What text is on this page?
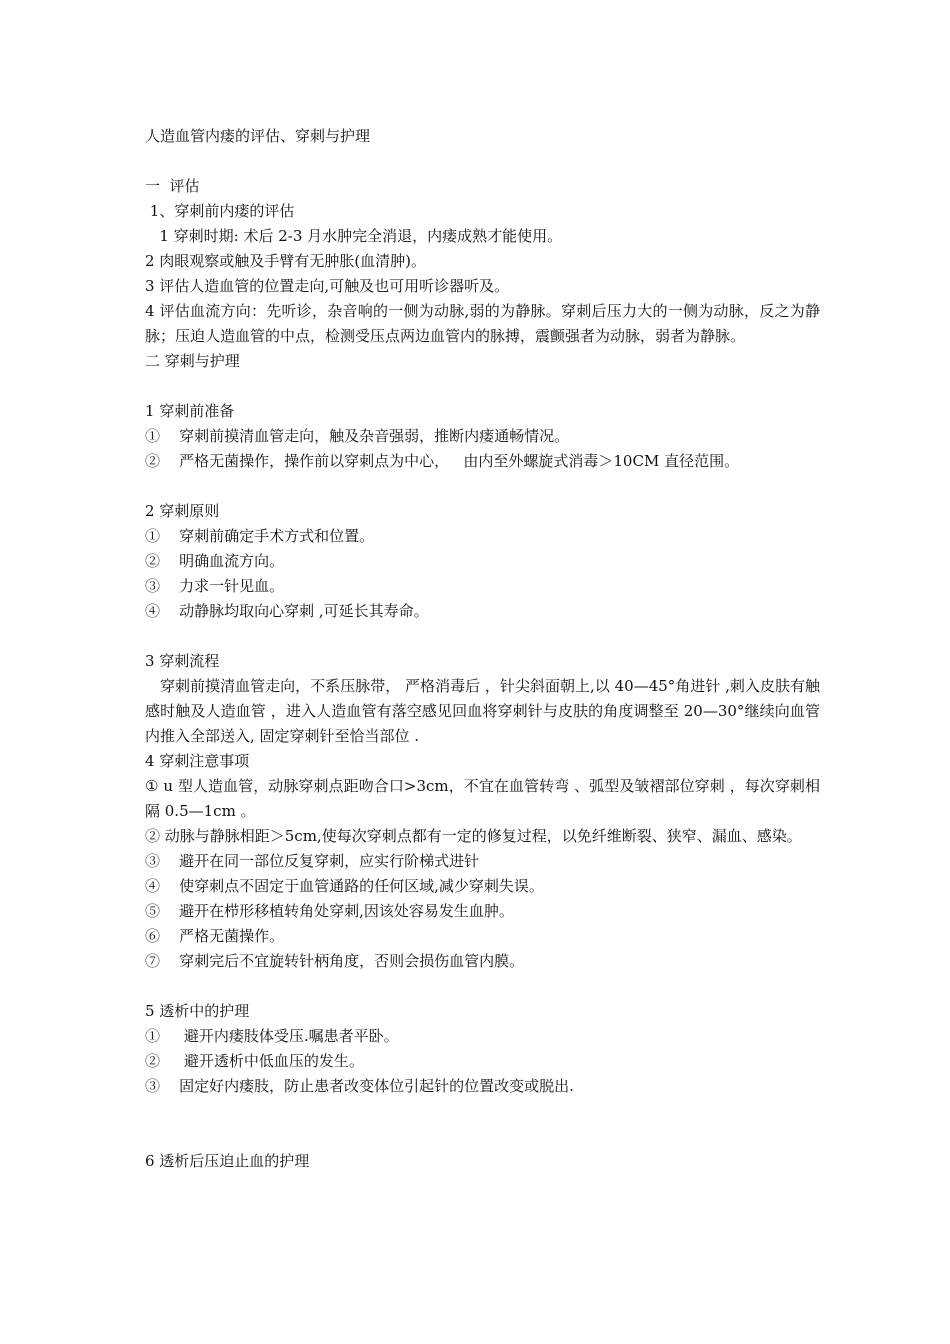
人造血管内瘘的评估、穿刺与护理
一  评估
1、穿刺前内瘘的评估
1 穿刺时期: 术后 2-3 月水肿完全消退，内瘘成熟才能使用。
2 肉眼观察或触及手臂有无肿胀(血清肿)。
3 评估人造血管的位置走向,可触及也可用听诊器听及。
4 评估血流方向：先听诊，杂音响的一侧为动脉,弱的为静脉。穿刺后压力大的一侧为动脉，反之为静脉；压迫人造血管的中点，检测受压点两边血管内的脉搏，震颤强者为动脉，弱者为静脉。
二 穿刺与护理
1 穿刺前准备
①    穿刺前摸清血管走向，触及杂音强弱，推断内瘘通畅情况。
②    严格无菌操作，操作前以穿刺点为中心，   由内至外螺旋式消毒＞10CM 直径范围。
2 穿刺原则
①    穿刺前确定手术方式和位置。
②    明确血流方向。
③    力求一针见血。
④    动静脉均取向心穿刺 ,可延长其寿命。
3 穿刺流程
穿刺前摸清血管走向，不系压脉带， 严格消毒后 ，针尖斜面朝上,以 40—45°角进针 ,刺入皮肤有触感时触及人造血管 ，进入人造血管有落空感见回血将穿刺针与皮肤的角度调整至 20—30°继续向血管内推入全部送入, 固定穿刺针至恰当部位 .
4 穿刺注意事项
① u 型人造血管，动脉穿刺点距吻合口>3cm，不宜在血管转弯 、弧型及皱褶部位穿刺 ，每次穿刺相隔 0.5—1cm 。
② 动脉与静脉相距＞5cm,使每次穿刺点都有一定的修复过程，以免纤维断裂、狭窄、漏血、感染。
③    避开在同一部位反复穿刺，应实行阶梯式进针
④    使穿刺点不固定于血管通路的任何区域,减少穿刺失误。
⑤    避开在栉形移植转角处穿刺,因该处容易发生血肿。
⑥    严格无菌操作。
⑦    穿刺完后不宜旋转针柄角度，否则会损伤血管内膜。
5 透析中的护理
①     避开内瘘肢体受压.嘱患者平卧。
②     避开透析中低血压的发生。
③    固定好内瘘肢，防止患者改变体位引起针的位置改变或脱出.
6 透析后压迫止血的护理
